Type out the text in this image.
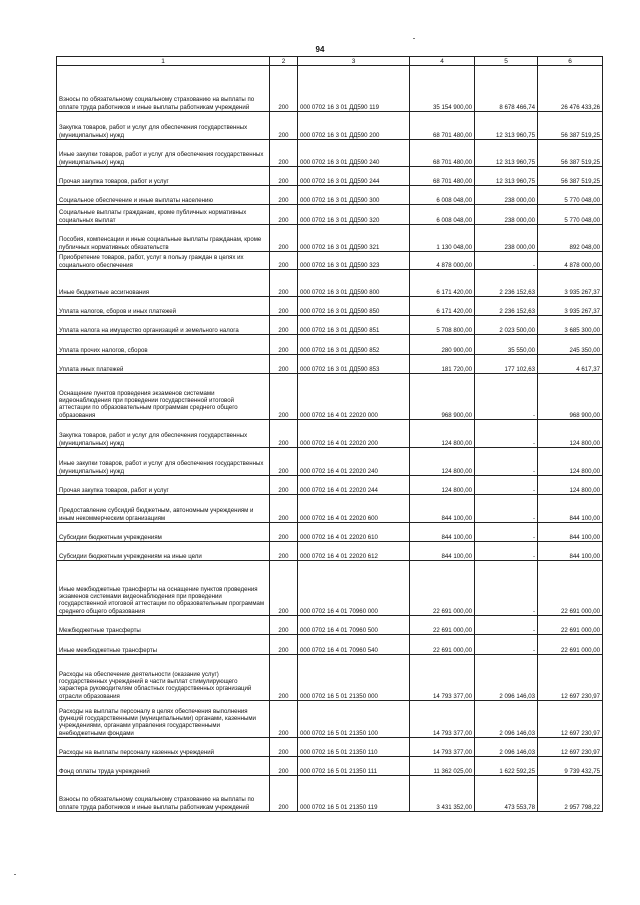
94
1	2	3	4	5	6
Взносы по обязательному социальному страхованию на выплаты по оплате труда работников и иные выплаты работникам учреждений	200	000 0702 16 3 01 ДД590 119	35 154 900,00	8 678 466,74	26 476 433,26
Закупка товаров, работ и услуг для обеспечения государственных (муниципальных) нужд	200	000 0702 16 3 01 ДД590 200	68 701 480,00	12 313 960,75	56 387 519,25
Иные закупки товаров, работ и услуг для обеспечения государственных (муниципальных) нужд	200	000 0702 16 3 01 ДД590 240	68 701 480,00	12 313 960,75	56 387 519,25
Прочая закупка товаров, работ и услуг	200	000 0702 16 3 01 ДД590 244	68 701 480,00	12 313 960,75	56 387 519,25
Социальное обеспечение и иные выплаты населению	200	000 0702 16 3 01 ДД590 300	6 008 048,00	238 000,00	5 770 048,00
Социальные выплаты гражданам, кроме публичных нормативных социальных выплат	200	000 0702 16 3 01 ДД590 320	6 008 048,00	238 000,00	5 770 048,00
Пособия, компенсации и иные социальные выплаты гражданам, кроме публичных нормативных обязательств	200	000 0702 16 3 01 ДД590 321	1 130 048,00	238 000,00	892 048,00
Приобретение товаров, работ, услуг в пользу граждан в целях их социального обеспечения	200	000 0702 16 3 01 ДД590 323	4 878 000,00	-	4 878 000,00
Иные бюджетные ассигнования	200	000 0702 16 3 01 ДД590 800	6 171 420,00	2 236 152,63	3 935 267,37
Уплата налогов, сборов и иных платежей	200	000 0702 16 3 01 ДД590 850	6 171 420,00	2 236 152,63	3 935 267,37
Уплата налога на имущество организаций и земельного налога	200	000 0702 16 3 01 ДД590 851	5 708 800,00	2 023 500,00	3 685 300,00
Уплата прочих налогов, сборов	200	000 0702 16 3 01 ДД590 852	280 900,00	35 550,00	245 350,00
Уплата иных платежей	200	000 0702 16 3 01 ДД590 853	181 720,00	177 102,63	4 617,37
Оснащение пунктов проведения экзаменов системами видеонаблюдения при проведении государственной итоговой аттестации по образовательным программам среднего общего образования	200	000 0702 16 4 01 22020 000	968 900,00	-	968 900,00
Закупка товаров, работ и услуг для обеспечения государственных (муниципальных) нужд	200	000 0702 16 4 01 22020 200	124 800,00	-	124 800,00
Иные закупки товаров, работ и услуг для обеспечения государственных (муниципальных) нужд	200	000 0702 16 4 01 22020 240	124 800,00	-	124 800,00
Прочая закупка товаров, работ и услуг	200	000 0702 16 4 01 22020 244	124 800,00	-	124 800,00
Предоставление субсидий бюджетным, автономным учреждениям и иным некоммерческим организациям	200	000 0702 16 4 01 22020 600	844 100,00	-	844 100,00
Субсидии бюджетным учреждениям	200	000 0702 16 4 01 22020 610	844 100,00	-	844 100,00
Субсидии бюджетным учреждениям на иные цели	200	000 0702 16 4 01 22020 612	844 100,00	-	844 100,00
Иные межбюджетные трансферты на оснащение пунктов проведения экзаменов системами видеонаблюдения при проведении государственной итоговой аттестации по образовательным программам среднего общего образования	200	000 0702 16 4 01 70960 000	22 691 000,00	-	22 691 000,00
Межбюджетные трансферты	200	000 0702 16 4 01 70960 500	22 691 000,00	-	22 691 000,00
Иные межбюджетные трансферты	200	000 0702 16 4 01 70960 540	22 691 000,00	-	22 691 000,00
Расходы на обеспечение деятельности (оказание услуг) государственных учреждений в части выплат стимулирующего характера руководителям областных государственных организаций отрасли образования	200	000 0702 16 5 01 21350 000	14 793 377,00	2 096 146,03	12 697 230,97
Расходы на выплаты персоналу в целях обеспечения выполнения функций государственными (муниципальными) органами, казенными учреждениями, органами управления государственными внебюджетными фондами	200	000 0702 16 5 01 21350 100	14 793 377,00	2 096 146,03	12 697 230,97
Расходы на выплаты персоналу казенных учреждений	200	000 0702 16 5 01 21350 110	14 793 377,00	2 096 146,03	12 697 230,97
Фонд оплаты труда учреждений	200	000 0702 16 5 01 21350 111	11 362 025,00	1 622 592,25	9 739 432,75
Взносы по обязательному социальному страхованию на выплаты по оплате труда работников и иные выплаты работникам учреждений	200	000 0702 16 5 01 21350 119	3 431 352,00	473 553,78	2 957 798,22
